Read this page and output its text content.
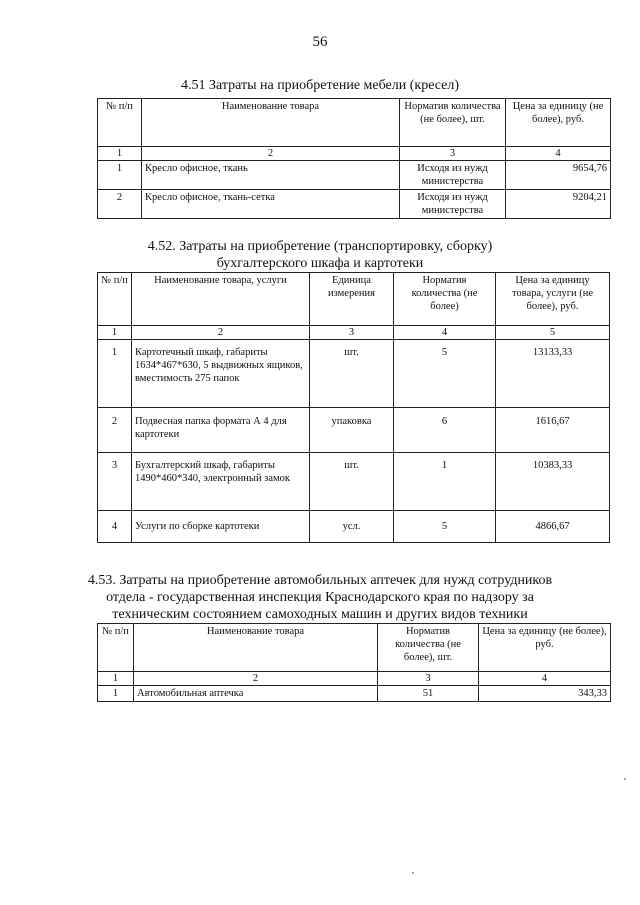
56
4.51 Затраты на приобретение мебели (кресел)
№ п/п	Наименование товара	Норматив количества (не более), шт.	Цена за единицу (не более), руб.
1	2	3	4
1	Кресло офисное, ткань	Исходя из нужд министерства	9654,76
2	Кресло офисное, ткань-сетка	Исходя из нужд министерства	9204,21
4.52. Затраты на приобретение (транспортировку, сборку)
бухгалтерского шкафа и картотеки
№ п/п	Наименование товара, услуги	Единица измерения	Норматив количества (не более)	Цена за единицу товара, услуги (не более), руб.
1	2	3	4	5
1	Картотечный шкаф, габариты 1634*467*630, 5 выдвижных ящиков, вместимость 275 папок	шт.	5	13133,33
2	Подвесная папка формата А 4 для картотеки	упаковка	6	1616,67
3	Бухгалтерский шкаф, габариты 1490*460*340, электронный замок	шт.	1	10383,33
4	Услуги по сборке картотеки	усл.	5	4866,67
4.53. Затраты на приобретение автомобильных аптечек для нужд сотрудников
отдела - государственная инспекция Краснодарского края по надзору за
техническим состоянием самоходных машин и других видов техники
№ п/п	Наименование товара	Норматив количества (не более), шт.	Цена за единицу (не более), руб.
1	2	3	4
1	Автомобильная аптечка	51	343,33
